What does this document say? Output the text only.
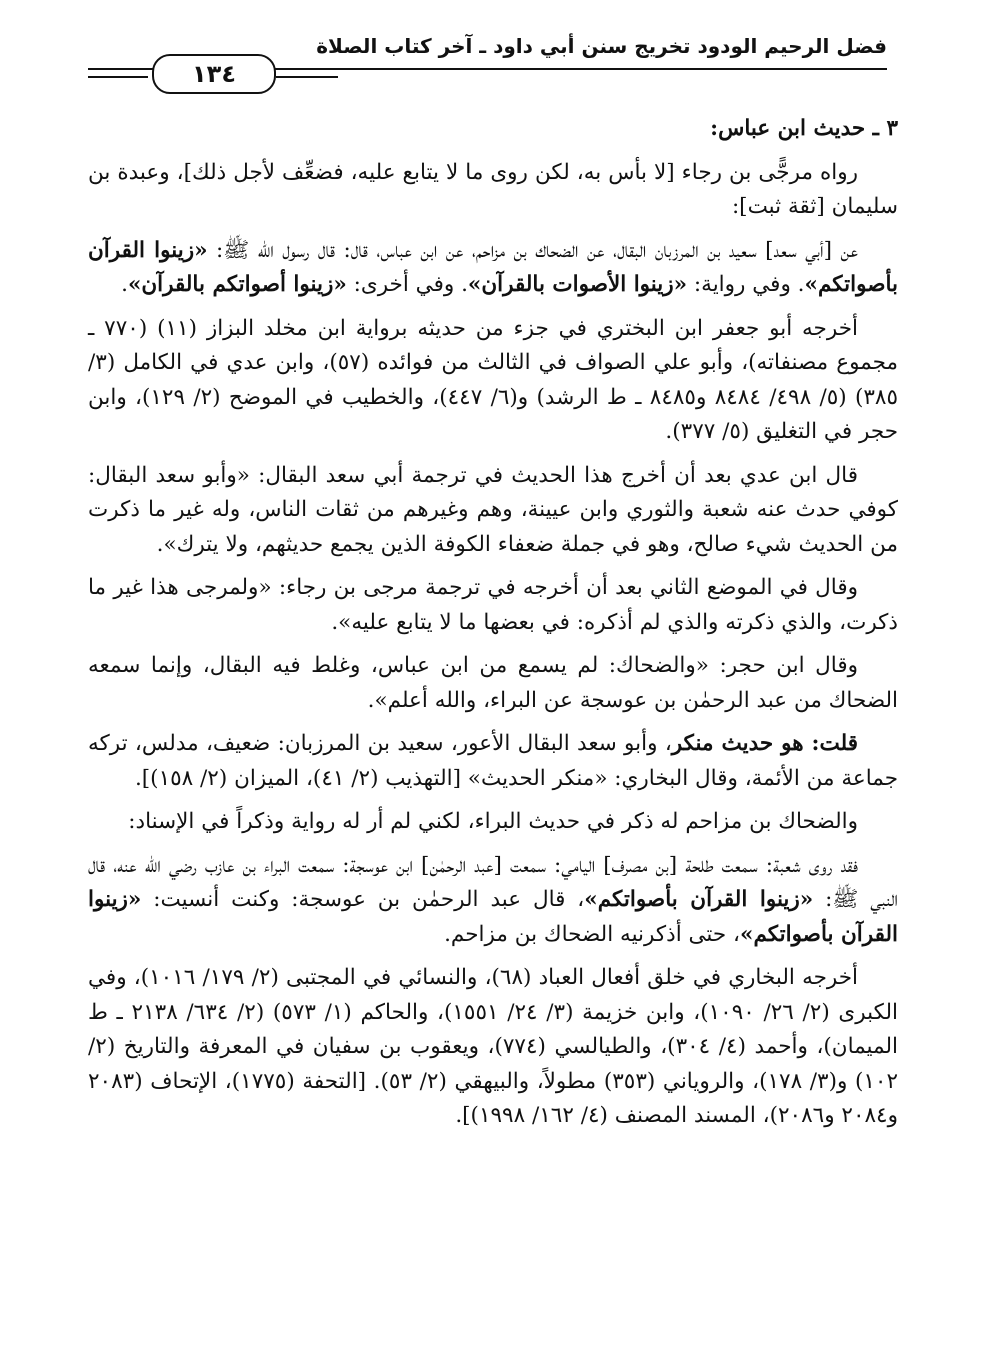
فضل الرحيم الودود تخريج سنن أبي داود ـ آخر كتاب الصلاة
١٣٤

٣ ـ حديث ابن عباس:

رواه مرجًّى بن رجاء [لا بأس به، لكن روى ما لا يتابع عليه، فضعِّف لأجل ذلك]، وعبدة بن سليمان [ثقة ثبت]:

عن [أبي سعد] سعيد بن المرزبان البقال، عن الضحاك بن مزاحم، عن ابن عباس، قال: قال رسول الله ﷺ: «زينوا القرآن بأصواتكم». وفي رواية: «زينوا الأصوات بالقرآن». وفي أخرى: «زينوا أصواتكم بالقرآن».

أخرجه أبو جعفر ابن البختري في جزء من حديثه برواية ابن مخلد البزاز (١١) (٧٧٠ ـ مجموع مصنفاته)، وأبو علي الصواف في الثالث من فوائده (٥٧)، وابن عدي في الكامل (٣/ ٣٨٥) (٥/ ٤٩٨/ ٨٤٨٤ و٨٤٨٥ ـ ط الرشد) و(٦/ ٤٤٧)، والخطيب في الموضح (٢/ ١٢٩)، وابن حجر في التغليق (٥/ ٣٧٧).

قال ابن عدي بعد أن أخرج هذا الحديث في ترجمة أبي سعد البقال: «وأبو سعد البقال: كوفي حدث عنه شعبة والثوري وابن عيينة، وهم وغيرهم من ثقات الناس، وله غير ما ذكرت من الحديث شيء صالح، وهو في جملة ضعفاء الكوفة الذين يجمع حديثهم، ولا يترك».

وقال في الموضع الثاني بعد أن أخرجه في ترجمة مرجى بن رجاء: «ولمرجى هذا غير ما ذكرت، والذي ذكرته والذي لم أذكره: في بعضها ما لا يتابع عليه».

وقال ابن حجر: «والضحاك: لم يسمع من ابن عباس، وغلط فيه البقال، وإنما سمعه الضحاك من عبد الرحمٰن بن عوسجة عن البراء، والله أعلم».

قلت: هو حديث منكر، وأبو سعد البقال الأعور، سعيد بن المرزبان: ضعيف، مدلس، تركه جماعة من الأئمة، وقال البخاري: «منكر الحديث» [التهذيب (٢/ ٤١)، الميزان (٢/ ١٥٨)].

والضحاك بن مزاحم له ذكر في حديث البراء، لكني لم أر له رواية وذكراً في الإسناد:

فقد روى شعبة: سمعت طلحة [بن مصرف] اليامي: سمعت [عبد الرحمٰن] ابن عوسجة: سمعت البراء بن عازب رضي الله عنه، قال النبي ﷺ: «زينوا القرآن بأصواتكم»، قال عبد الرحمٰن بن عوسجة: وكنت أنسيت: «زينوا القرآن بأصواتكم»، حتى أذكرنيه الضحاك بن مزاحم.

أخرجه البخاري في خلق أفعال العباد (٦٨)، والنسائي في المجتبى (٢/ ١٧٩/ ١٠١٦)، وفي الكبرى (٢/ ٢٦/ ١٠٩٠)، وابن خزيمة (٣/ ٢٤/ ١٥٥١)، والحاكم (١/ ٥٧٣) (٢/ ٦٣٤/ ٢١٣٨ ـ ط الميمان)، وأحمد (٤/ ٣٠٤)، والطيالسي (٧٧٤)، ويعقوب بن سفيان في المعرفة والتاريخ (٢/ ١٠٢) و(٣/ ١٧٨)، والروياني (٣٥٣) مطولاً، والبيهقي (٢/ ٥٣). [التحفة (١٧٧٥)، الإتحاف (٢٠٨٣ و٢٠٨٤ و٢٠٨٦)، المسند المصنف (٤/ ١٦٢/ ١٩٩٨)].
